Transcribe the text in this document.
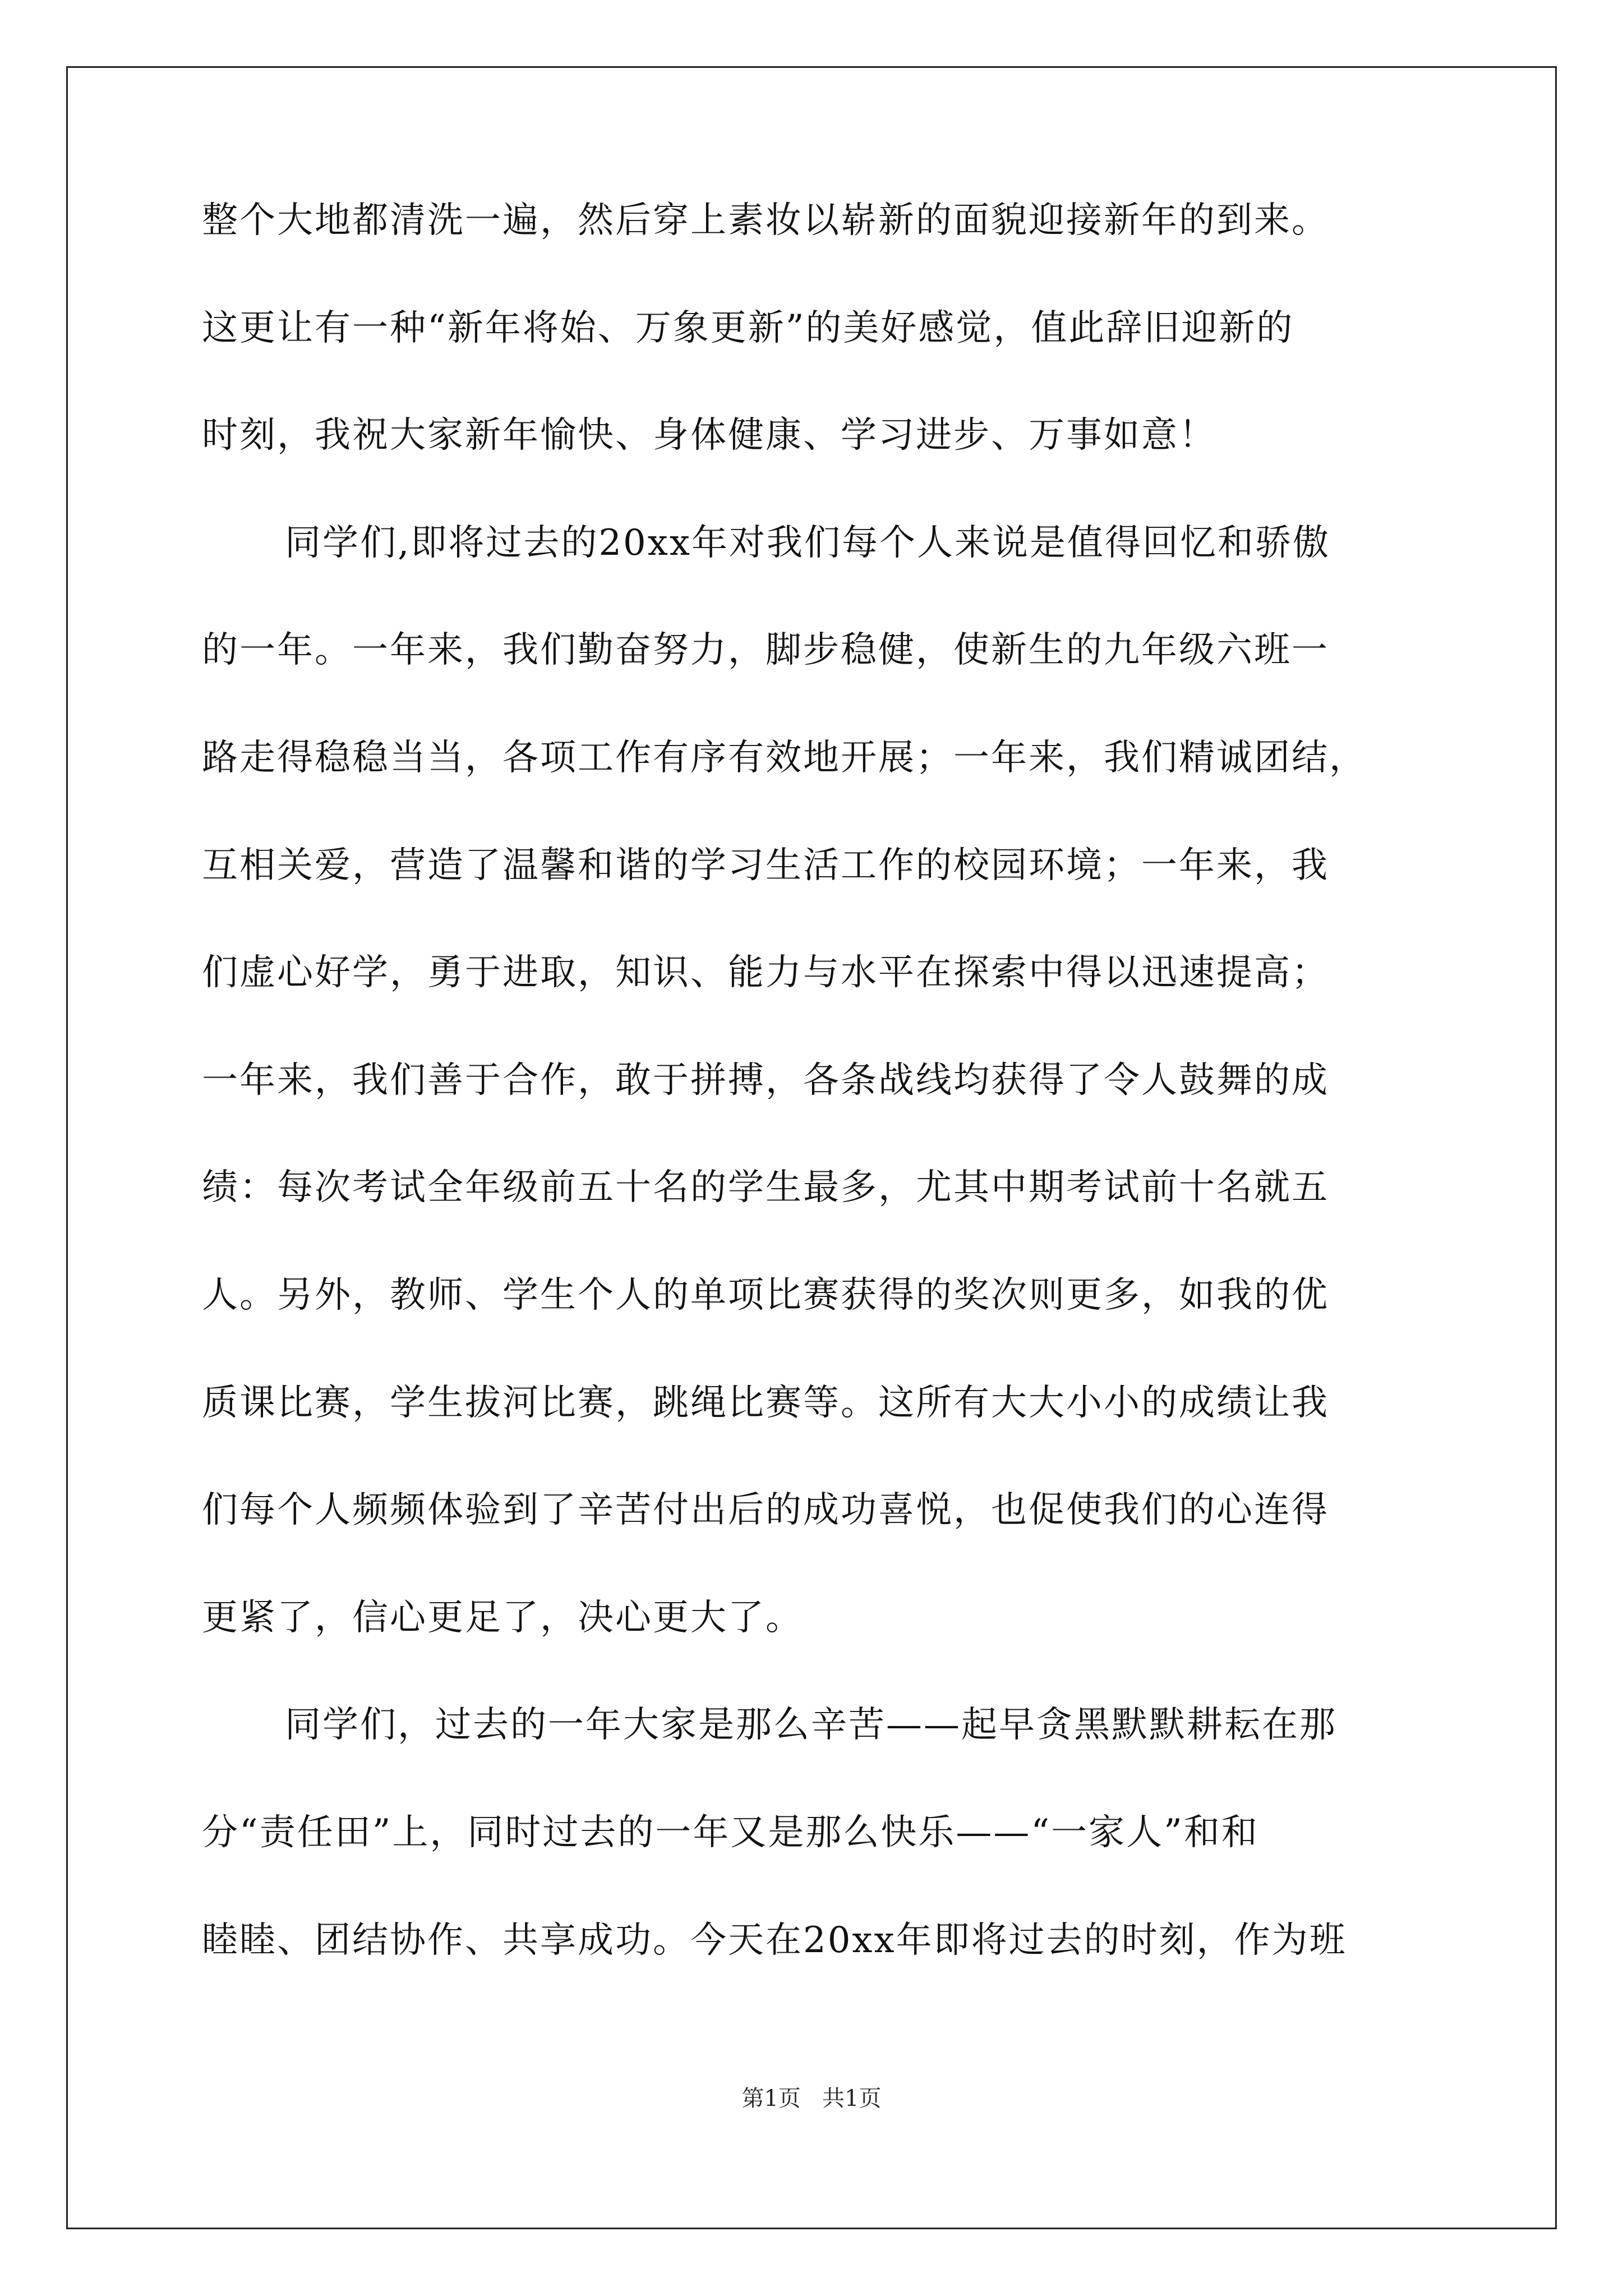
整个大地都清洗一遍，然后穿上素妆以崭新的面貌迎接新年的到来。
这更让有一种“新年将始、万象更新”的美好感觉，值此辞旧迎新的
时刻，我祝大家新年愉快、身体健康、学习进步、万事如意！
同学们,即将过去的20xx年对我们每个人来说是值得回忆和骄傲
的一年。一年来，我们勤奋努力，脚步稳健，使新生的九年级六班一
路走得稳稳当当，各项工作有序有效地开展；一年来，我们精诚团结，
互相关爱，营造了温馨和谐的学习生活工作的校园环境；一年来，我
们虚心好学，勇于进取，知识、能力与水平在探索中得以迅速提高；
一年来，我们善于合作，敢于拼搏，各条战线均获得了令人鼓舞的成
绩：每次考试全年级前五十名的学生最多，尤其中期考试前十名就五
人。另外，教师、学生个人的单项比赛获得的奖次则更多，如我的优
质课比赛，学生拔河比赛，跳绳比赛等。这所有大大小小的成绩让我
们每个人频频体验到了辛苦付出后的成功喜悦，也促使我们的心连得
更紧了，信心更足了，决心更大了。
同学们，过去的一年大家是那么辛苦——起早贪黑默默耕耘在那
分“责任田”上，同时过去的一年又是那么快乐——“一家人”和和
睦睦、团结协作、共享成功。今天在20xx年即将过去的时刻，作为班
第1页   共1页
